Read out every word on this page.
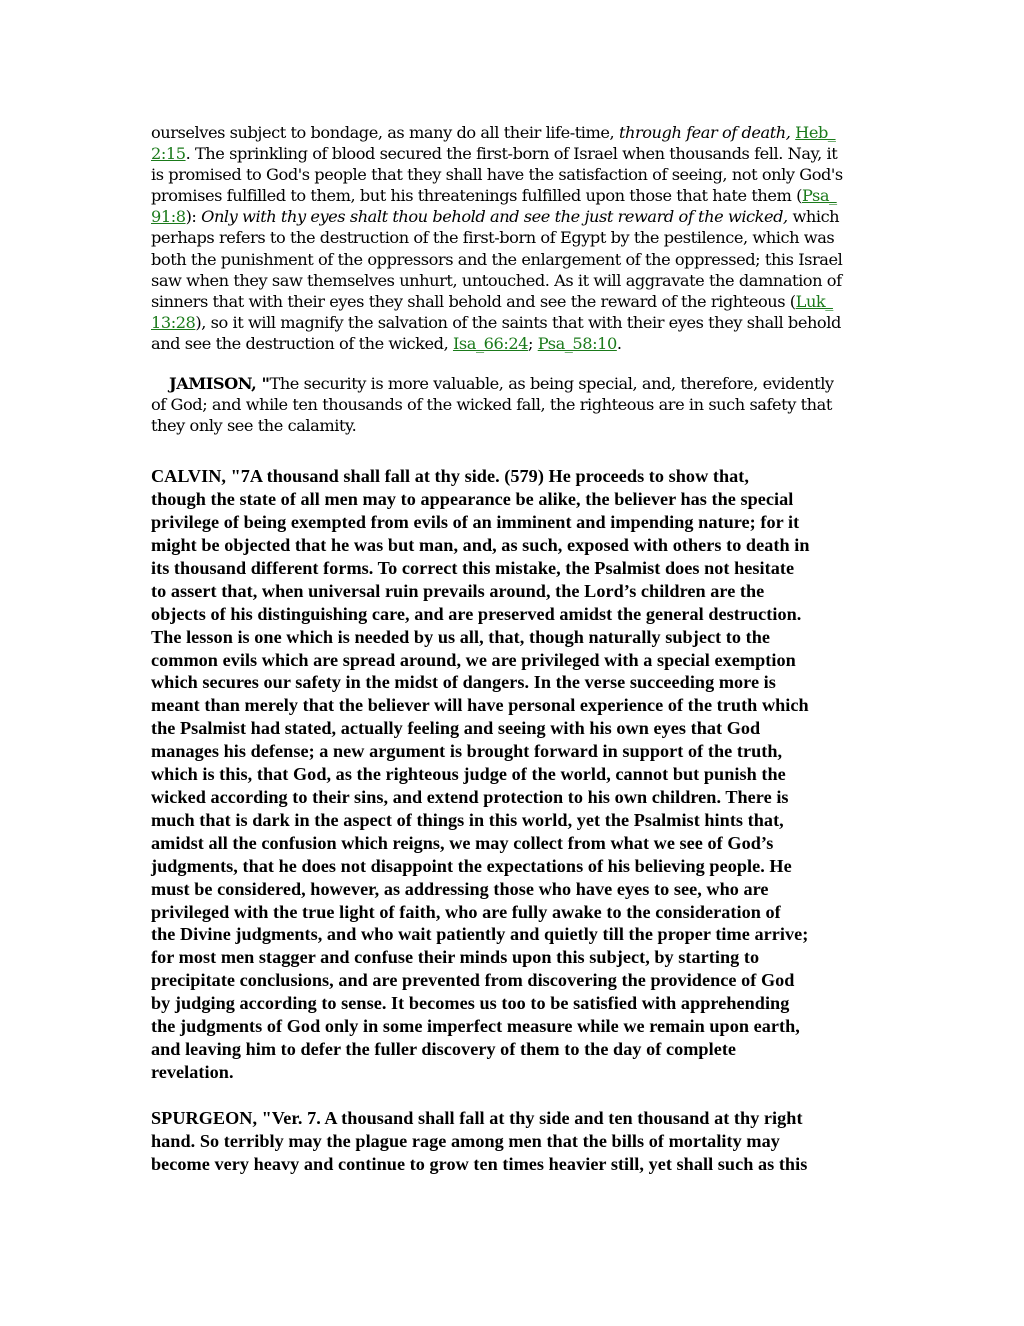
ourselves subject to bondage, as many do all their life-time, through fear of death, Heb_
2:15. The sprinkling of blood secured the first-born of Israel when thousands fell. Nay, it
is promised to God's people that they shall have the satisfaction of seeing, not only God's
promises fulfilled to them, but his threatenings fulfilled upon those that hate them (Psa_
91:8): Only with thy eyes shalt thou behold and see the just reward of the wicked, which
perhaps refers to the destruction of the first-born of Egypt by the pestilence, which was
both the punishment of the oppressors and the enlargement of the oppressed; this Israel
saw when they saw themselves unhurt, untouched. As it will aggravate the damnation of
sinners that with their eyes they shall behold and see the reward of the righteous (Luk_
13:28), so it will magnify the salvation of the saints that with their eyes they shall behold
and see the destruction of the wicked, Isa_66:24; Psa_58:10.

JAMISON, "The security is more valuable, as being special, and, therefore, evidently
of God; and while ten thousands of the wicked fall, the righteous are in such safety that
they only see the calamity.

CALVIN, "7A thousand shall fall at thy side. (579) He proceeds to show that,
though the state of all men may to appearance be alike, the believer has the special
privilege of being exempted from evils of an imminent and impending nature; for it
might be objected that he was but man, and, as such, exposed with others to death in
its thousand different forms. To correct this mistake, the Psalmist does not hesitate
to assert that, when universal ruin prevails around, the Lord’s children are the
objects of his distinguishing care, and are preserved amidst the general destruction.
The lesson is one which is needed by us all, that, though naturally subject to the
common evils which are spread around, we are privileged with a special exemption
which secures our safety in the midst of dangers. In the verse succeeding more is
meant than merely that the believer will have personal experience of the truth which
the Psalmist had stated, actually feeling and seeing with his own eyes that God
manages his defense; a new argument is brought forward in support of the truth,
which is this, that God, as the righteous judge of the world, cannot but punish the
wicked according to their sins, and extend protection to his own children. There is
much that is dark in the aspect of things in this world, yet the Psalmist hints that,
amidst all the confusion which reigns, we may collect from what we see of God’s
judgments, that he does not disappoint the expectations of his believing people. He
must be considered, however, as addressing those who have eyes to see, who are
privileged with the true light of faith, who are fully awake to the consideration of
the Divine judgments, and who wait patiently and quietly till the proper time arrive;
for most men stagger and confuse their minds upon this subject, by starting to
precipitate conclusions, and are prevented from discovering the providence of God
by judging according to sense. It becomes us too to be satisfied with apprehending
the judgments of God only in some imperfect measure while we remain upon earth,
and leaving him to defer the fuller discovery of them to the day of complete
revelation.

SPURGEON, "Ver. 7. A thousand shall fall at thy side and ten thousand at thy right
hand. So terribly may the plague rage among men that the bills of mortality may
become very heavy and continue to grow ten times heavier still, yet shall such as this
